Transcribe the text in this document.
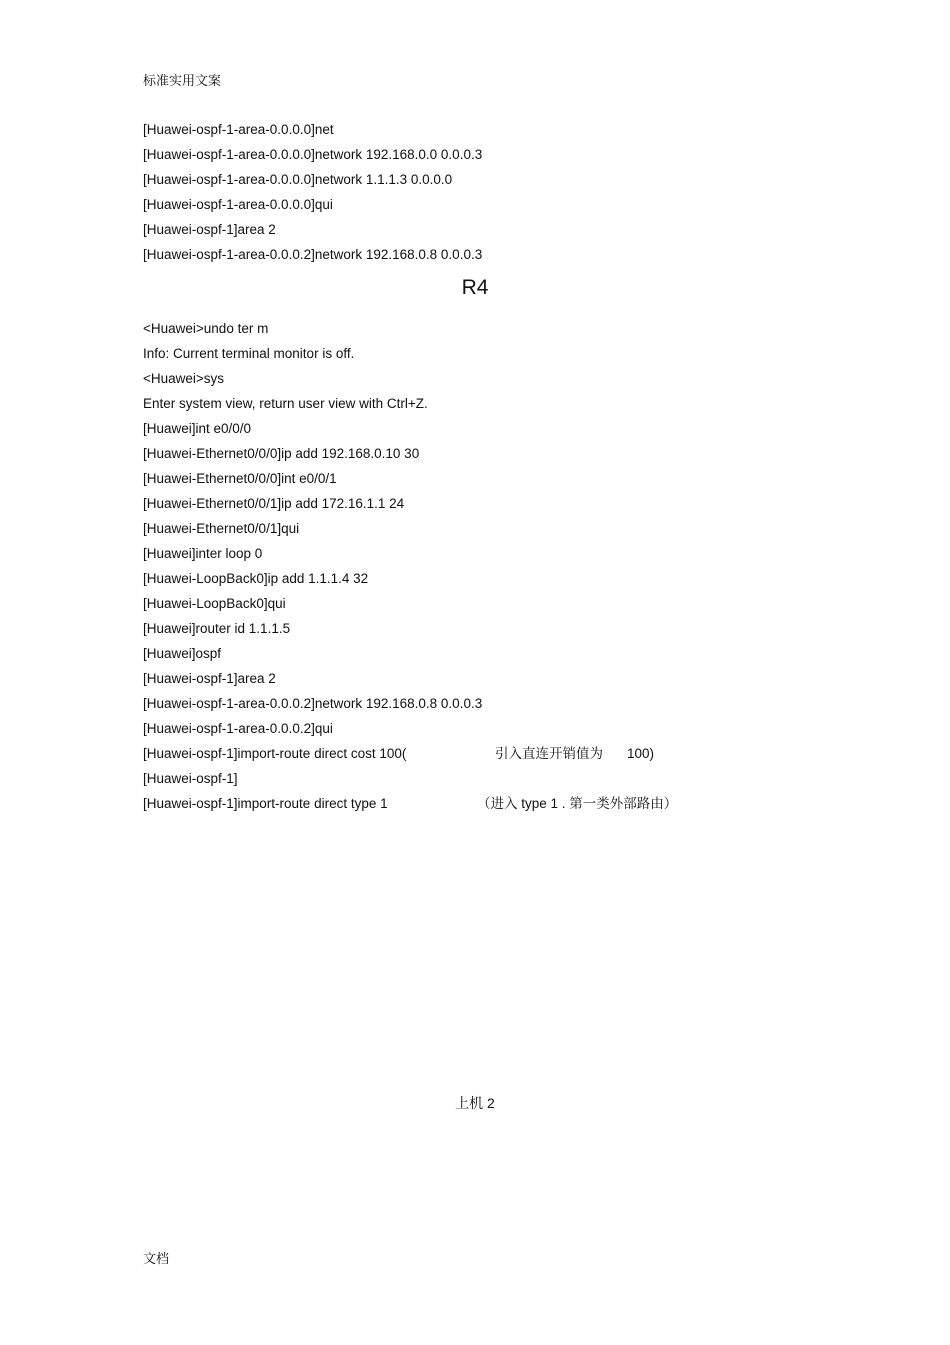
标准实用文案
[Huawei-ospf-1-area-0.0.0.0]net
[Huawei-ospf-1-area-0.0.0.0]network 192.168.0.0 0.0.0.3
[Huawei-ospf-1-area-0.0.0.0]network 1.1.1.3 0.0.0.0
[Huawei-ospf-1-area-0.0.0.0]qui
[Huawei-ospf-1]area 2
[Huawei-ospf-1-area-0.0.0.2]network 192.168.0.8 0.0.0.3
R4
<Huawei>undo ter m
Info: Current terminal monitor is off.
<Huawei>sys
Enter system view, return user view with Ctrl+Z.
[Huawei]int e0/0/0
[Huawei-Ethernet0/0/0]ip add 192.168.0.10 30
[Huawei-Ethernet0/0/0]int e0/0/1
[Huawei-Ethernet0/0/1]ip add 172.16.1.1 24
[Huawei-Ethernet0/0/1]qui
[Huawei]inter loop 0
[Huawei-LoopBack0]ip add 1.1.1.4 32
[Huawei-LoopBack0]qui
[Huawei]router id 1.1.1.5
[Huawei]ospf
[Huawei-ospf-1]area 2
[Huawei-ospf-1-area-0.0.0.2]network 192.168.0.8 0.0.0.3
[Huawei-ospf-1-area-0.0.0.2]qui
[Huawei-ospf-1]import-route direct cost 100(	引入直连开销值为 100)
[Huawei-ospf-1]
[Huawei-ospf-1]import-route direct type 1	（进入 type 1 . 第一类外部路由）
上机 2
文档
